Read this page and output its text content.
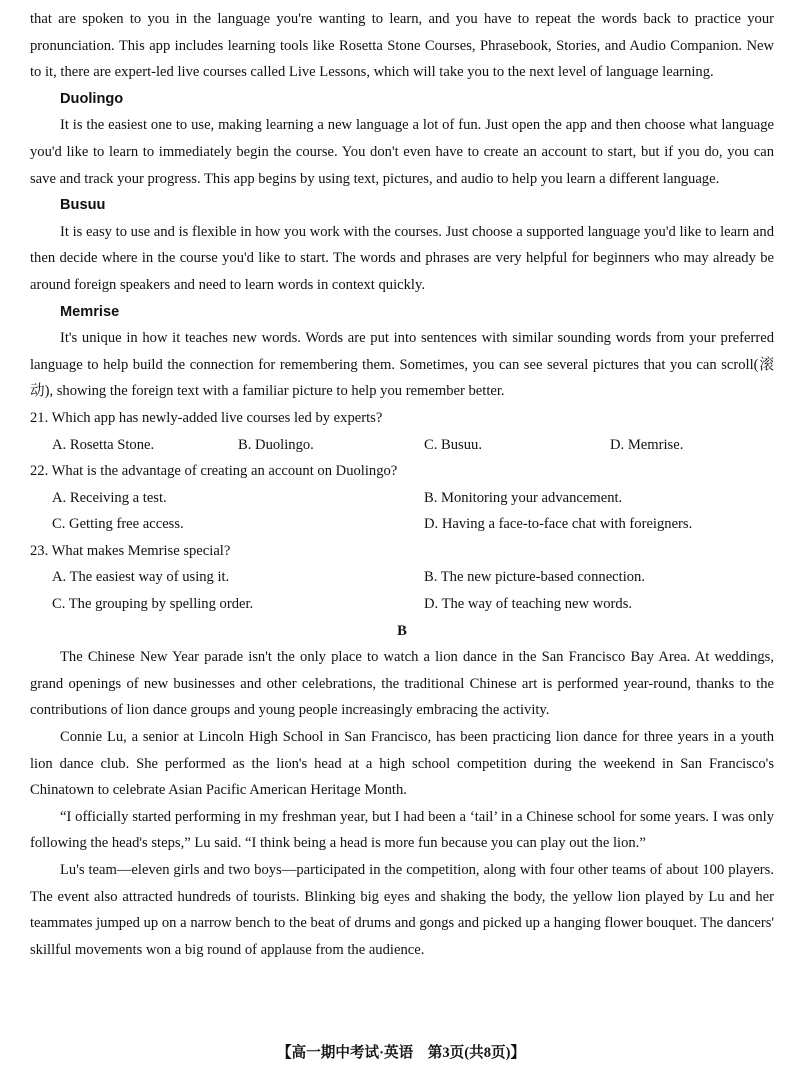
that are spoken to you in the language you're wanting to learn, and you have to repeat the words back to practice your pronunciation. This app includes learning tools like Rosetta Stone Courses, Phrasebook, Stories, and Audio Companion. New to it, there are expert-led live courses called Live Lessons, which will take you to the next level of language learning.

Duolingo

It is the easiest one to use, making learning a new language a lot of fun. Just open the app and then choose what language you'd like to learn to immediately begin the course. You don't even have to create an account to start, but if you do, you can save and track your progress. This app begins by using text, pictures, and audio to help you learn a different language.

Busuu

It is easy to use and is flexible in how you work with the courses. Just choose a supported language you'd like to learn and then decide where in the course you'd like to start. The words and phrases are very helpful for beginners who may already be around foreign speakers and need to learn words in context quickly.

Memrise

It's unique in how it teaches new words. Words are put into sentences with similar sounding words from your preferred language to help build the connection for remembering them. Sometimes, you can see several pictures that you can scroll(滚动), showing the foreign text with a familiar picture to help you remember better.

21. Which app has newly-added live courses led by experts?
A. Rosetta Stone.	B. Duolingo.	C. Busuu.	D. Memrise.
22. What is the advantage of creating an account on Duolingo?
A. Receiving a test.	B. Monitoring your advancement.
C. Getting free access.	D. Having a face-to-face chat with foreigners.
23. What makes Memrise special?
A. The easiest way of using it.	B. The new picture-based connection.
C. The grouping by spelling order.	D. The way of teaching new words.
B

The Chinese New Year parade isn't the only place to watch a lion dance in the San Francisco Bay Area. At weddings, grand openings of new businesses and other celebrations, the traditional Chinese art is performed year-round, thanks to the contributions of lion dance groups and young people increasingly embracing the activity.

Connie Lu, a senior at Lincoln High School in San Francisco, has been practicing lion dance for three years in a youth lion dance club. She performed as the lion's head at a high school competition during the weekend in San Francisco's Chinatown to celebrate Asian Pacific American Heritage Month.

“I officially started performing in my freshman year, but I had been a ‘tail’ in a Chinese school for some years. I was only following the head's steps,” Lu said. “I think being a head is more fun because you can play out the lion.”

Lu's team—eleven girls and two boys—participated in the competition, along with four other teams of about 100 players. The event also attracted hundreds of tourists. Blinking big eyes and shaking the body, the yellow lion played by Lu and her teammates jumped up on a narrow bench to the beat of drums and gongs and picked up a hanging flower bouquet. The dancers' skillful movements won a big round of applause from the audience.

【高一期中考试·英语　第3页(共8页)】
